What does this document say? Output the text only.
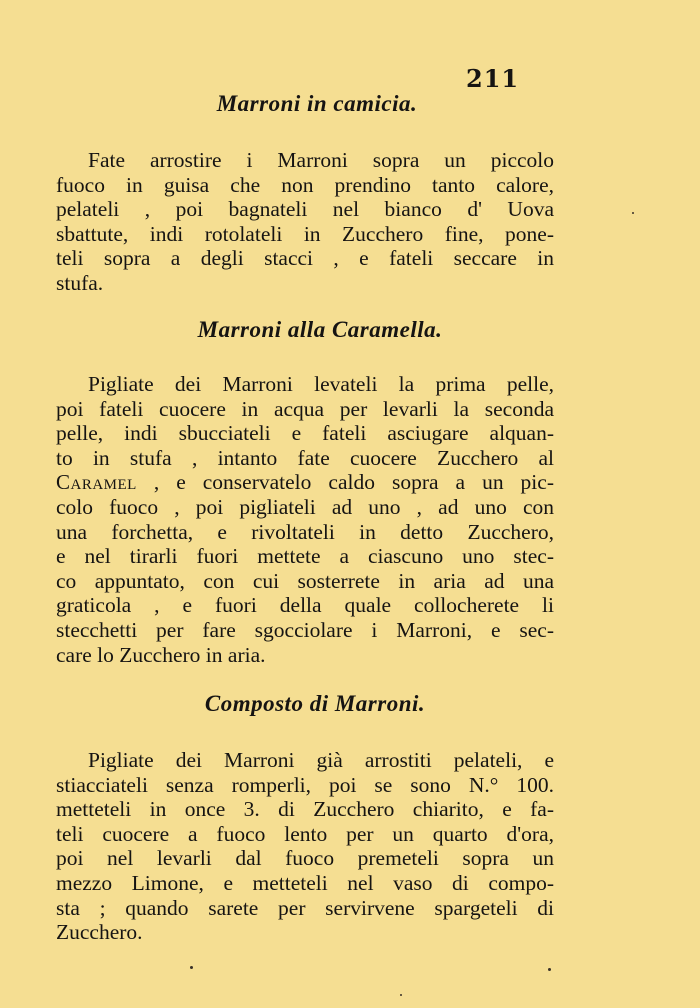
211
Marroni in camicia.
Fate arrostire i Marroni sopra un piccolo
fuoco in guisa che non prendino tanto calore,
pelateli , poi bagnateli nel bianco d' Uova
sbattute, indi rotolateli in Zucchero fine, pone-
teli sopra a degli stacci , e fateli seccare in
stufa.
Marroni alla Caramella.
Pigliate dei Marroni levateli la prima pelle,
poi fateli cuocere in acqua per levarli la seconda
pelle, indi sbucciateli e fateli asciugare alquan-
to in stufa , intanto fate cuocere Zucchero al
Caramel , e conservatelo caldo sopra a un pic-
colo fuoco , poi pigliateli ad uno , ad uno con
una forchetta, e rivoltateli in detto Zucchero,
e nel tirarli fuori mettete a ciascuno uno stec-
co appuntato, con cui sosterrete in aria ad una
graticola , e fuori della quale collocherete li
stecchetti per fare sgocciolare i Marroni, e sec-
care lo Zucchero in aria.
Composto di Marroni.
Pigliate dei Marroni già arrostiti pelateli, e
stiacciateli senza romperli, poi se sono N.° 100.
metteteli in once 3. di Zucchero chiarito, e fa-
teli cuocere a fuoco lento per un quarto d'ora,
poi nel levarli dal fuoco premeteli sopra un
mezzo Limone, e metteteli nel vaso di compo-
sta ; quando sarete per servirvene spargeteli di
Zucchero.
